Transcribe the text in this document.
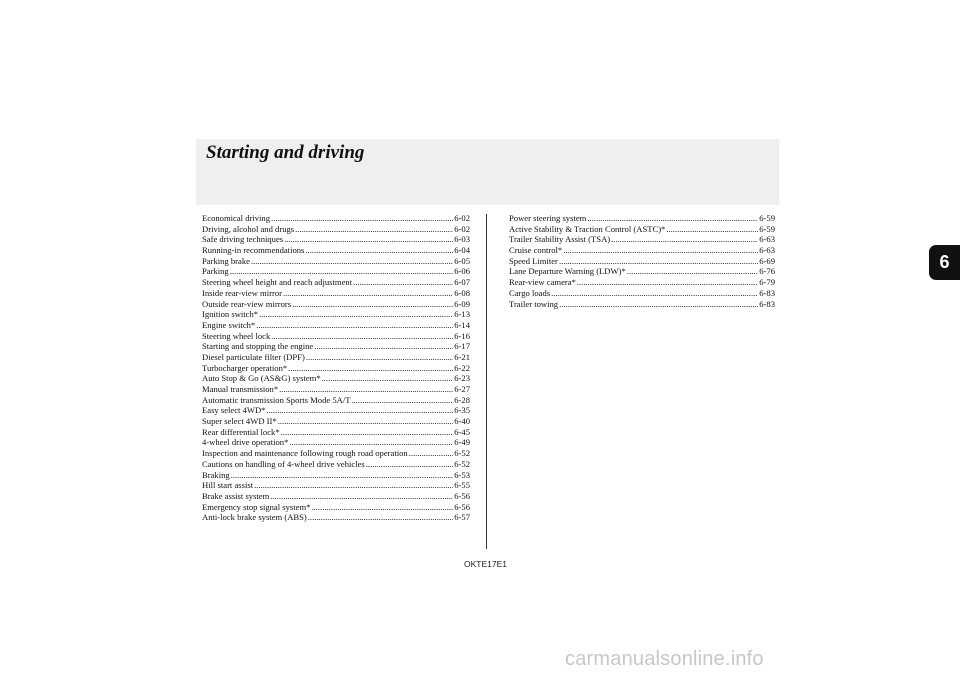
Starting and driving
Economical driving .....	6-02
Driving, alcohol and drugs .....	6-02
Safe driving techniques .....	6-03
Running-in recommendations .....	6-04
Parking brake .....	6-05
Parking .....	6-06
Steering wheel height and reach adjustment .....	6-07
Inside rear-view mirror .....	6-08
Outside rear-view mirrors .....	6-09
Ignition switch* .....	6-13
Engine switch* .....	6-14
Steering wheel lock .....	6-16
Starting and stopping the engine .....	6-17
Diesel particulate filter (DPF) .....	6-21
Turbocharger operation* .....	6-22
Auto Stop & Go (AS&G) system* .....	6-23
Manual transmission* .....	6-27
Automatic transmission Sports Mode 5A/T .....	6-28
Easy select 4WD* .....	6-35
Super select 4WD II* .....	6-40
Rear differential lock* .....	6-45
4-wheel drive operation* .....	6-49
Inspection and maintenance following rough road operation .....	6-52
Cautions on handling of 4-wheel drive vehicles .....	6-52
Braking .....	6-53
Hill start assist .....	6-55
Brake assist system .....	6-56
Emergency stop signal system* .....	6-56
Anti-lock brake system (ABS) .....	6-57
Power steering system .....	6-59
Active Stability & Traction Control (ASTC)* .....	6-59
Trailer Stability Assist (TSA) .....	6-63
Cruise control* .....	6-63
Speed Limiter .....	6-69
Lane Departure Warning (LDW)* .....	6-76
Rear-view camera* .....	6-79
Cargo loads .....	6-83
Trailer towing .....	6-83
OKTE17E1
6
carmanualsonline.info
